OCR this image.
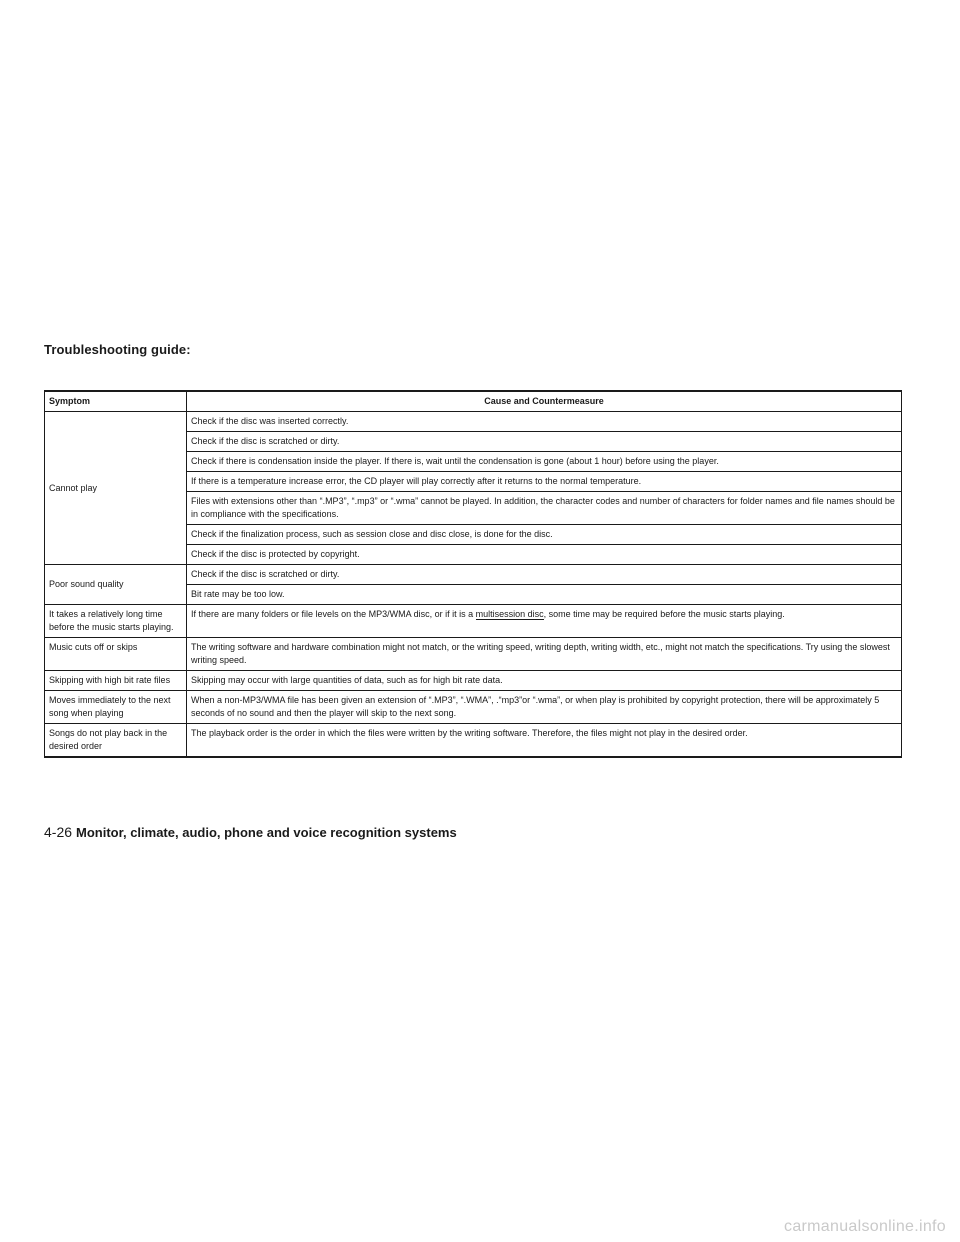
Troubleshooting guide:
Symptom	Cause and Countermeasure
Cannot play	Check if the disc was inserted correctly.
	Check if the disc is scratched or dirty.
	Check if there is condensation inside the player. If there is, wait until the condensation is gone (about 1 hour) before using the player.
	If there is a temperature increase error, the CD player will play correctly after it returns to the normal temperature.
	Files with extensions other than “.MP3”, “.mp3” or “.wma” cannot be played. In addition, the character codes and number of characters for folder names and file names should be in compliance with the specifications.
	Check if the finalization process, such as session close and disc close, is done for the disc.
	Check if the disc is protected by copyright.
Poor sound quality	Check if the disc is scratched or dirty.
	Bit rate may be too low.
It takes a relatively long time before the music starts playing.	If there are many folders or file levels on the MP3/WMA disc, or if it is a multisession disc, some time may be required before the music starts playing.
Music cuts off or skips	The writing software and hardware combination might not match, or the writing speed, writing depth, writing width, etc., might not match the specifications. Try using the slowest writing speed.
Skipping with high bit rate files	Skipping may occur with large quantities of data, such as for high bit rate data.
Moves immediately to the next song when playing	When a non-MP3/WMA file has been given an extension of “.MP3”, “.WMA”, .“mp3”or “.wma”, or when play is prohibited by copyright protection, there will be approximately 5 seconds of no sound and then the player will skip to the next song.
Songs do not play back in the desired order	The playback order is the order in which the files were written by the writing software. Therefore, the files might not play in the desired order.
4-26 Monitor, climate, audio, phone and voice recognition systems
carmanualsonline.info
